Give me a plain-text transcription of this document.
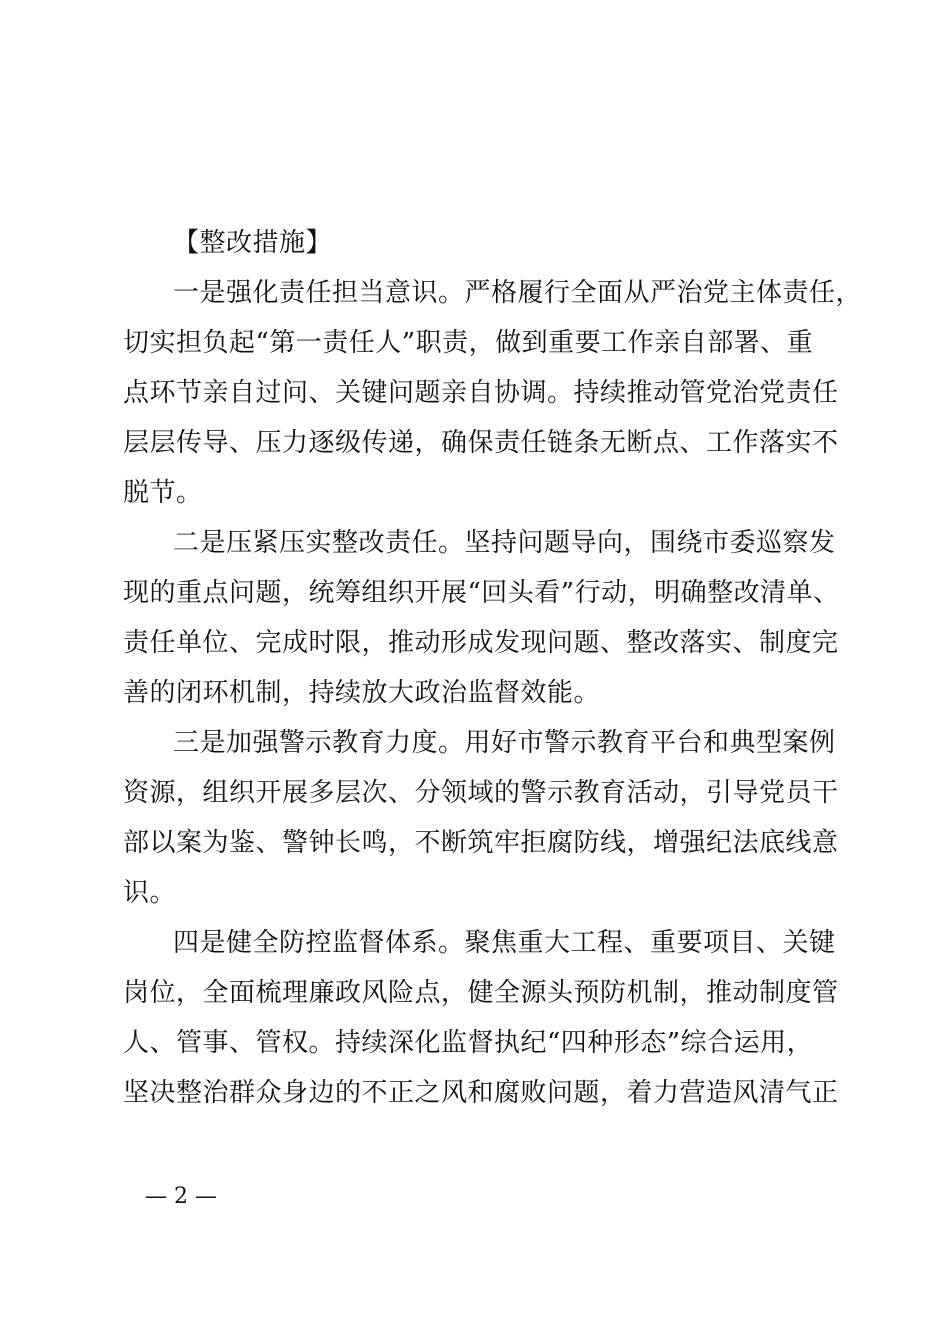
【整改措施】
一是强化责任担当意识。严格履行全面从严治党主体责任，
切实担负起“第一责任人”职责，做到重要工作亲自部署、重
点环节亲自过问、关键问题亲自协调。持续推动管党治党责任
层层传导、压力逐级传递，确保责任链条无断点、工作落实不
脱节。
二是压紧压实整改责任。坚持问题导向，围绕市委巡察发
现的重点问题，统筹组织开展“回头看”行动，明确整改清单、
责任单位、完成时限，推动形成发现问题、整改落实、制度完
善的闭环机制，持续放大政治监督效能。
三是加强警示教育力度。用好市警示教育平台和典型案例
资源，组织开展多层次、分领域的警示教育活动，引导党员干
部以案为鉴、警钟长鸣，不断筑牢拒腐防线，增强纪法底线意
识。
四是健全防控监督体系。聚焦重大工程、重要项目、关键
岗位，全面梳理廉政风险点，健全源头预防机制，推动制度管
人、管事、管权。持续深化监督执纪“四种形态”综合运用，
坚决整治群众身边的不正之风和腐败问题，着力营造风清气正
— 2 —
